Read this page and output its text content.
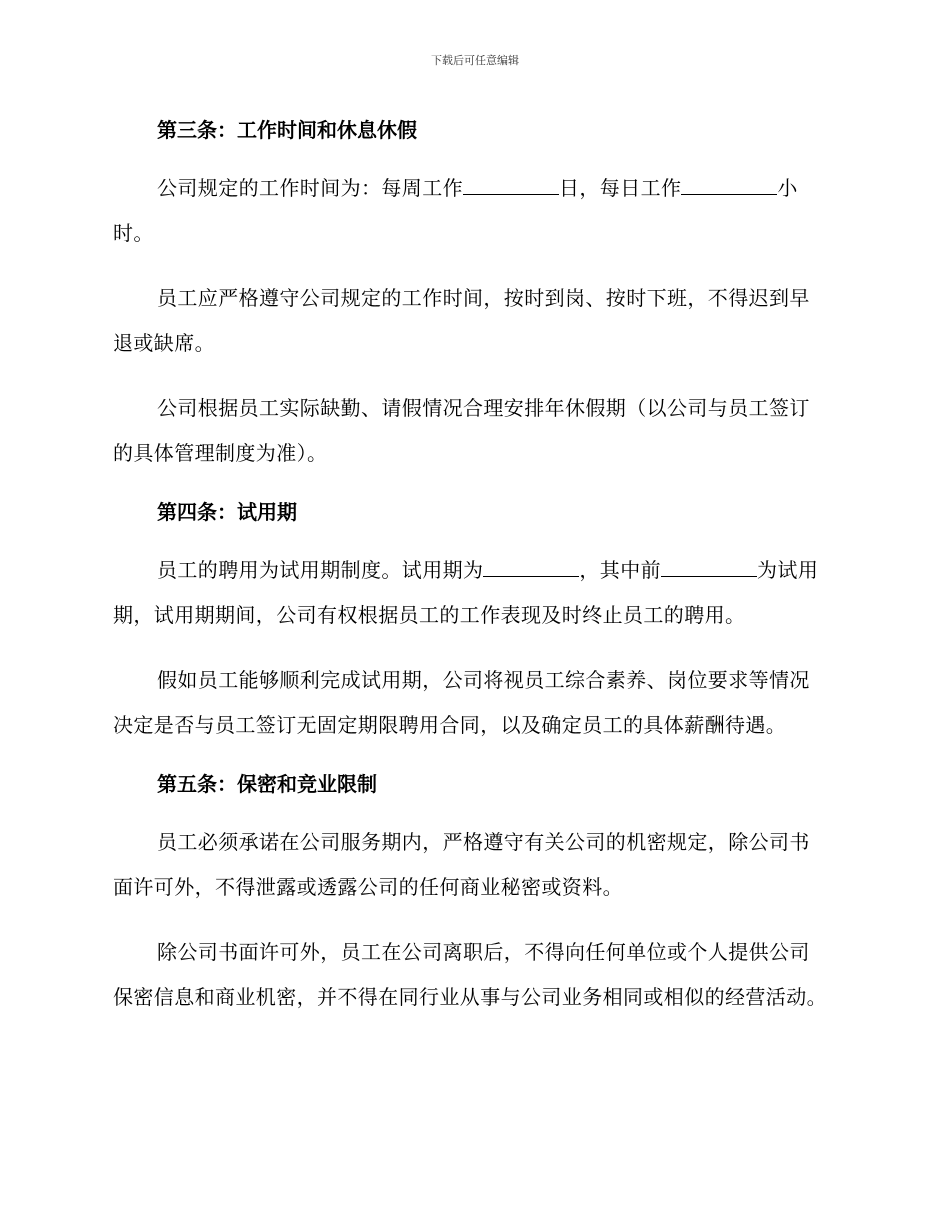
下载后可任意编辑
第三条：工作时间和休息休假

公司规定的工作时间为：每周工作	日，每日工作	小时。

员工应严格遵守公司规定的工作时间，按时到岗、按时下班，不得迟到早退或缺席。

公司根据员工实际缺勤、请假情况合理安排年休假期（以公司与员工签订的具体管理制度为准）。

第四条：试用期

员工的聘用为试用期制度。试用期为	，其中前	为试用期，试用期期间，公司有权根据员工的工作表现及时终止员工的聘用。

假如员工能够顺利完成试用期，公司将视员工综合素养、岗位要求等情况决定是否与员工签订无固定期限聘用合同，以及确定员工的具体薪酬待遇。

第五条：保密和竞业限制

员工必须承诺在公司服务期内，严格遵守有关公司的机密规定，除公司书面许可外，不得泄露或透露公司的任何商业秘密或资料。

除公司书面许可外，员工在公司离职后，不得向任何单位或个人提供公司保密信息和商业机密，并不得在同行业从事与公司业务相同或相似的经营活动。
